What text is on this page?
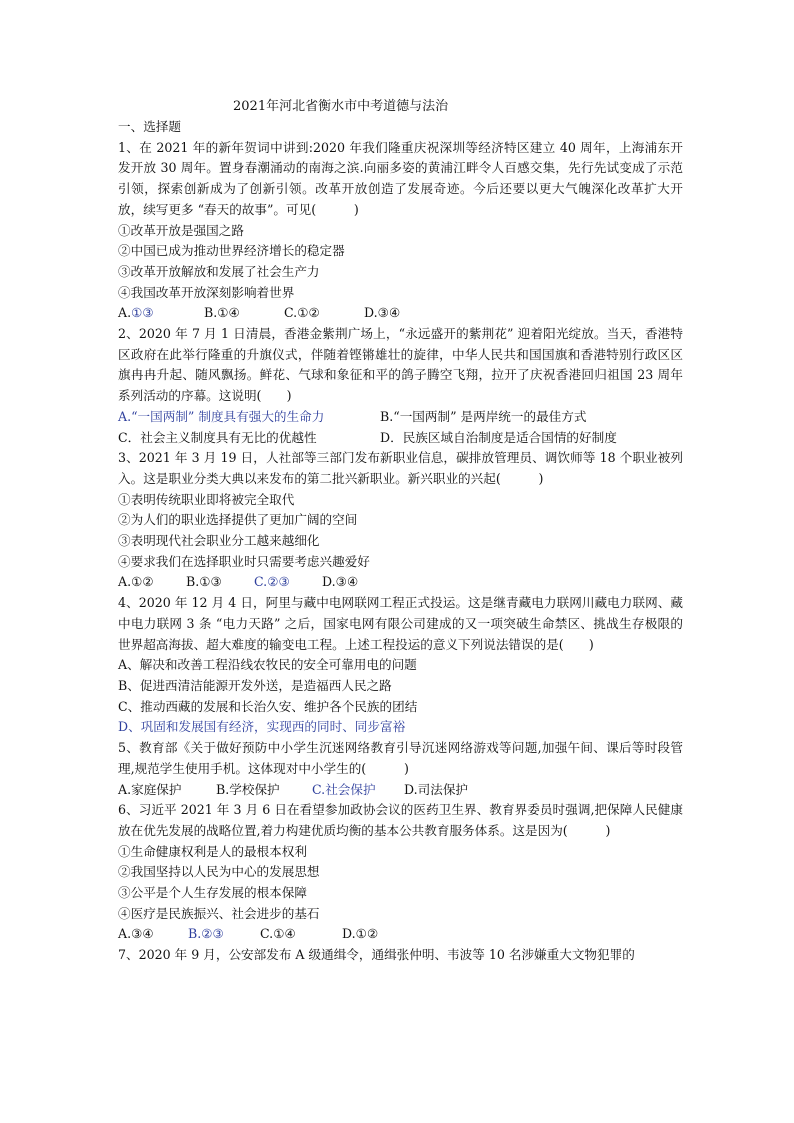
2021年河北省衡水市中考道德与法治
一、选择题
1、在 2021 年的新年贺词中讲到:2020 年我们隆重庆祝深圳等经济特区建立 40 周年，上海浦东开发开放 30 周年。置身春潮涌动的南海之滨.向丽多姿的黄浦江畔令人百感交集，先行先试变成了示范引领，探索创新成为了创新引领。改革开放创造了发展奇迹。今后还要以更大气魄深化改革扩大开放，续写更多 “春天的故事”。可见(　　　)
①改革开放是强国之路
②中国已成为推动世界经济增长的稳定器
③改革开放解放和发展了社会生产力
④我国改革开放深刻影响着世界
A.①③	B.①④	C.①②	D.③④
2、2020 年 7 月 1 日清晨，香港金紫荆广场上，“永远盛开的紫荆花” 迎着阳光绽放。当天，香港特区政府在此举行隆重的升旗仪式，伴随着铿锵雄壮的旋律，中华人民共和国国旗和香港特别行政区区旗冉冉升起、随风飘扬。鲜花、气球和象征和平的鸽子腾空飞翔，拉开了庆祝香港回归祖国 23 周年系列活动的序幕。这说明(　　)
A.“一国两制” 制度具有强大的生命力	B.“一国两制” 是两岸统一的最佳方式
C．社会主义制度具有无比的优越性	D．民族区域自治制度是适合国情的好制度
3、2021 年 3 月 19 日，人社部等三部门发布新职业信息，碳排放管理员、调饮师等 18 个职业被列入。这是职业分类大典以来发布的第二批兴新职业。新兴职业的兴起(　　　)
①表明传统职业即将被完全取代
②为人们的职业选择提供了更加广阔的空间
③表明现代社会职业分工越来越细化
④要求我们在选择职业时只需要考虑兴趣爱好
A.①②	B.①③	C.②③	D.③④
4、2020 年 12 月 4 日，阿里与藏中电网联网工程正式投运。这是继青藏电力联网川藏电力联网、藏中电力联网 3 条 “电力天路” 之后，国家电网有限公司建成的又一项突破生命禁区、挑战生存极限的世界超高海拔、超大难度的输变电工程。上述工程投运的意义下列说法错误的是(　　)
A、解决和改善工程沿线农牧民的安全可靠用电的问题
B、促进西清洁能源开发外送，是造福西人民之路
C、推动西藏的发展和长治久安、维护各个民族的团结
D、巩固和发展国有经济，实现西的同时、同步富裕
5、教育部《关于做好预防中小学生沉迷网络教育引导沉迷网络游戏等问题,加强午间、课后等时段管理,规范学生使用手机。这体现对中小学生的(　　　)
A.家庭保护	B.学校保护	C.社会保护	D.司法保护
6、习近平 2021 年 3 月 6 日在看望参加政协会议的医药卫生界、教育界委员时强调,把保障人民健康放在优先发展的战略位置,着力构建优质均衡的基本公共教育服务体系。这是因为(　　　)
①生命健康权利是人的最根本权利
②我国坚持以人民为中心的发展思想
③公平是个人生存发展的根本保障
④医疗是民族振兴、社会进步的基石
A.③④	B.②③	C.①④	D.①②
7、2020 年 9 月，公安部发布 A 级通缉令，通缉张仲明、韦波等 10 名涉嫌重大文物犯罪的
